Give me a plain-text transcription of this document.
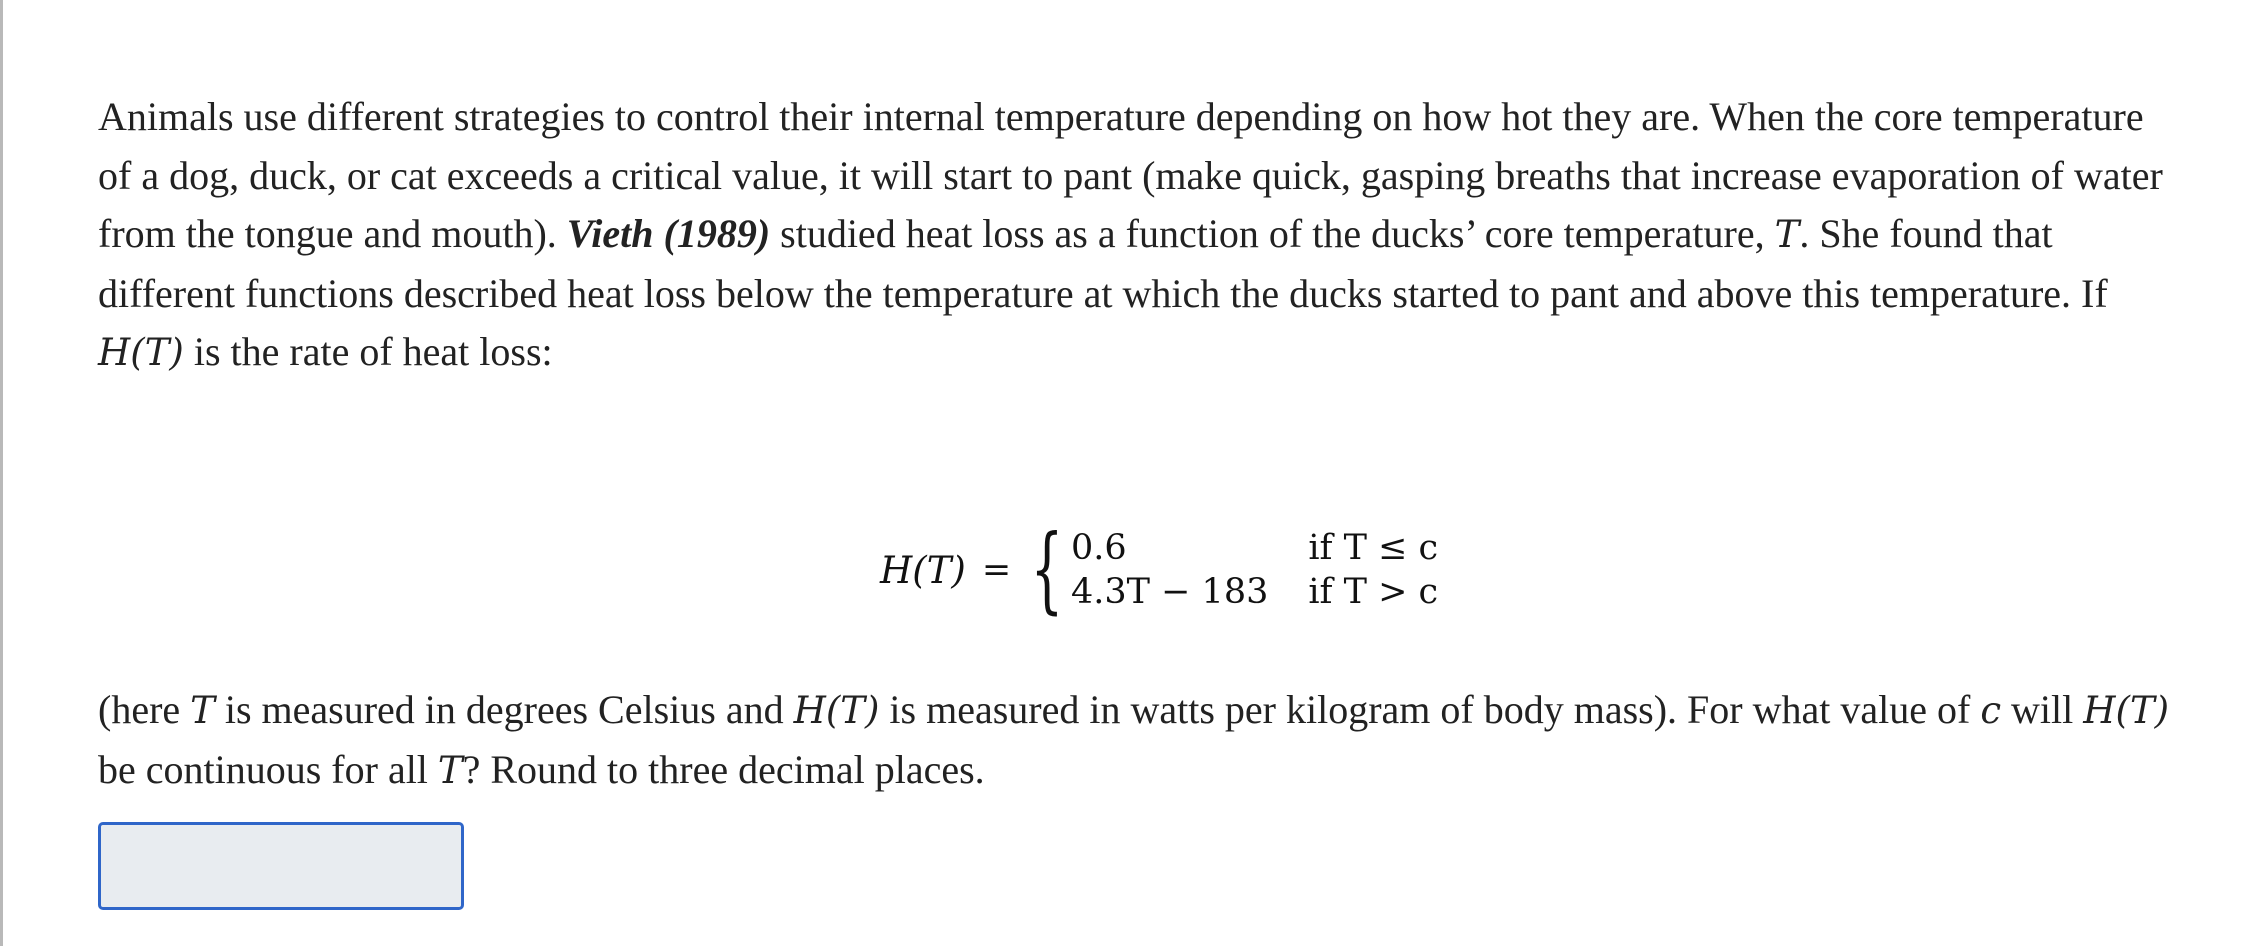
Animals use different strategies to control their internal temperature depending on how hot they are. When the core temperature of a dog, duck, or cat exceeds a critical value, it will start to pant (make quick, gasping breaths that increase evaporation of water from the tongue and mouth). Vieth (1989) studied heat loss as a function of the ducks’ core temperature, T. She found that different functions described heat loss below the temperature at which the ducks started to pant and above this temperature. If H(T) is the rate of heat loss:

H(T) = { 0.6	if T ≤ c
4.3T − 183 if T > c

(here T is measured in degrees Celsius and H(T) is measured in watts per kilogram of body mass). For what value of c will H(T) be continuous for all T? Round to three decimal places.
